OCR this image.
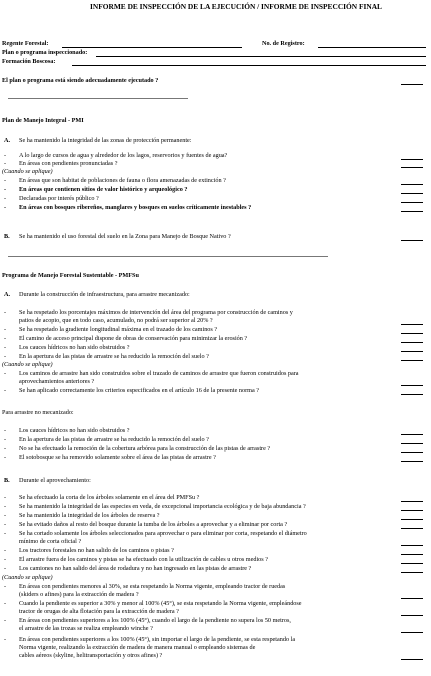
INFORME DE INSPECCIÓN DE LA EJECUCIÓN / INFORME DE INSPECCIÓN FINAL
Regente Forestal:	No. de Registro:
Plan o programa inspeccionado:
Formación Boscosa:
El plan o programa está siendo adecuadamente ejecutado ?
Plan de Manejo Integral - PMI
A. Se ha mantenido la integridad de las zonas de protección permanente:
- A lo largo de cursos de agua y alrededor de los lagos, reservorios y fuentes de agua?
- En áreas con pendientes pronunciadas ?
(Cuando se aplique)
- En áreas que son habitat de poblaciones de fauna o flora amenazadas de extinción ?
- En áreas que contienen sitios de valor histórico y arqueológico ?
- Declaradas por interés público ?
- En áreas con bosques ribereños, manglares y bosques en suelos críticamente inestables ?
B. Se ha mantenido el uso forestal del suelo en la Zona para Manejo de Bosque Nativo ?
Programa de Manejo Forestal Sustentable - PMFSu
A. Durante la construcción de infraestructura, para arrastre mecanizado:
- Se ha respetado los porcentajes máximos de intervención del área del programa por construcción de caminos y
patios de acopio, que en todo caso, acumulado, no podrá ser superior al 20% ?
- Se ha respetado la gradiente longitudinal máxima en el trazado de los caminos ?
- El camino de acceso principal dispone de obras de conservación para minimizar la erosión ?
- Los cauces hídricos no han sido obstruidos ?
- En la apertura de las pistas de arrastre se ha reducido la remoción del suelo ?
(Cuando se aplique)
- Los caminos de arrastre han sido construidos sobre el trazado de caminos de arrastre que fueron construidos para
aprovechamientos anteriores ?
- Se han aplicado correctamente los criterios especificados en el artículo 16 de la presente norma ?
Para arrastre no mecanizado:
- Los cauces hídricos no han sido obstruidos ?
- En la apertura de las pistas de arrastre se ha reducido la remoción del suelo ?
- No se ha efectuado la remoción de la cobertura arbórea para la construcción de las pistas de arrastre ?
- El sotobosque se ha removido solamente sobre el área de las pistas de arrastre ?
B. Durante el aprovechamiento:
- Se ha efectuado la corta de los árboles solamente en el área del PMFSu ?
- Se ha mantenido la integridad de las especies en veda, de excepcional importancia ecológica y de baja abundancia ?
- Se ha mantenido la integridad de los árboles de reserva ?
- Se ha evitado daños al resto del bosque durante la tumba de los árboles a aprovechar y a eliminar por corta ?
- Se ha cortado solamente los árboles seleccionados para aprovechar o para eliminar por corta, respetando el diámetro
mínimo de corta oficial ?
- Los tractores forestales no han salido de los caminos o pistas ?
- El arrastre fuera de los caminos y pistas se ha efectuado con la utilización de cables u otros medios ?
- Los camiones no han salido del área de rodadura y no han ingresado en las pistas de arrastre ?
(Cuando se aplique)
- En áreas con pendientes menores al 30%, se esta respetando la Norma vigente, empleando tractor de ruedas
(skiders o afines) para la extracción de madera ?
- Cuando la pendiente es superior a 30% y menor al 100% (45°), se esta respetando la Norma vigente, empleándose
tractor de orugas de alta flotación para la extracción de madera ?
- En áreas con pendientes superiores a los 100% (45°), cuando el largo de la pendiente no supera los 50 metros,
el arrastre de las trozas se realiza empleando winche ?
- En áreas con pendientes superiores a los 100% (45°), sin importar el largo de la pendiente, se esta respetando la
Norma vigente, realizando la extracción de madera de manera manual o empleando sistemas de
cables aéreos (skyline, helitransportación y otros afines) ?
